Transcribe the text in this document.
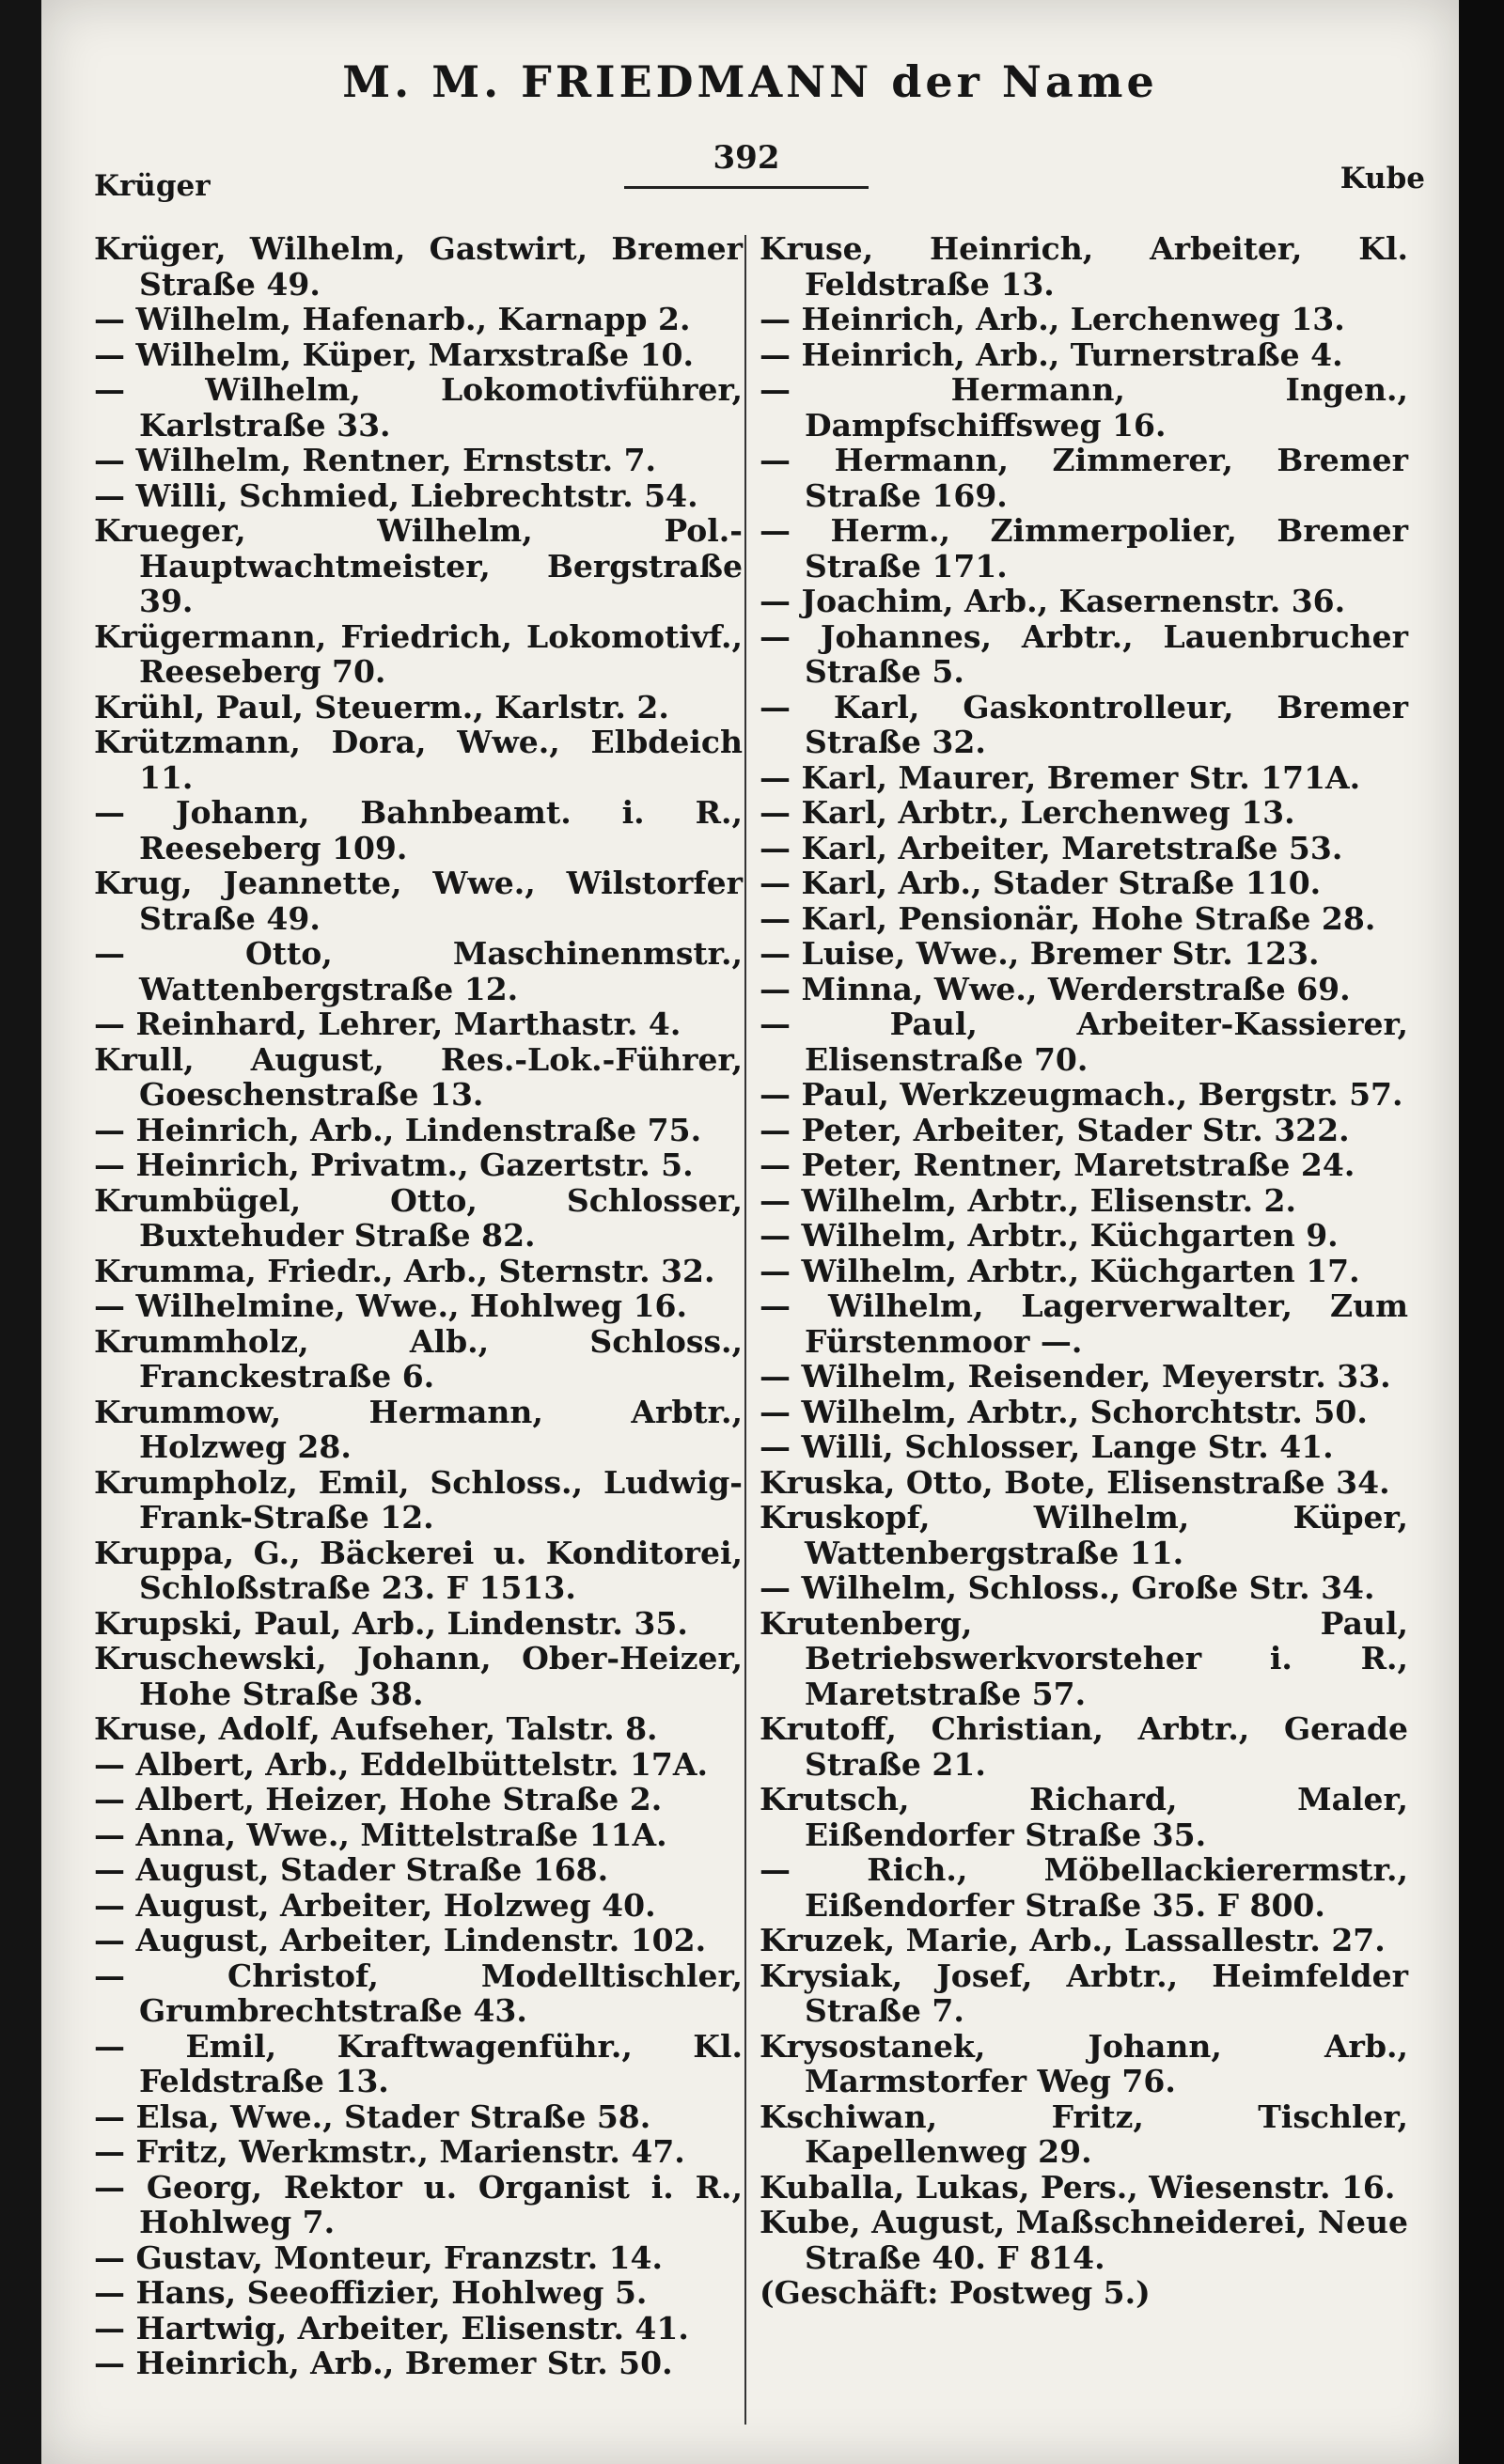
M. M. FRIEDMANN der Name
Krüger
392
Kube

Krüger, Wilhelm, Gastwirt, Bremer Straße 49.

— Wilhelm, Hafenarb., Karnapp 2.

— Wilhelm, Küper, Marxstraße 10.

— Wilhelm, Lokomotivführer, Karlstraße 33.

— Wilhelm, Rentner, Ernststr. 7.

— Willi, Schmied, Liebrechtstr. 54.

Krueger, Wilhelm, Pol.-Hauptwachtmeister, Bergstraße 39.

Krügermann, Friedrich, Lokomotivf., Reeseberg 70.

Krühl, Paul, Steuerm., Karlstr. 2.

Krützmann, Dora, Wwe., Elbdeich 11.

— Johann, Bahnbeamt. i. R., Reeseberg 109.

Krug, Jeannette, Wwe., Wilstorfer Straße 49.

— Otto, Maschinenmstr., Wattenbergstraße 12.

— Reinhard, Lehrer, Marthastr. 4.

Krull, August, Res.-Lok.-Führer, Goeschenstraße 13.

— Heinrich, Arb., Lindenstraße 75.

— Heinrich, Privatm., Gazertstr. 5.

Krumbügel, Otto, Schlosser, Buxtehuder Straße 82.

Krumma, Friedr., Arb., Sternstr. 32.

— Wilhelmine, Wwe., Hohlweg 16.

Krummholz, Alb., Schloss., Franckestraße 6.

Krummow, Hermann, Arbtr., Holzweg 28.

Krumpholz, Emil, Schloss., Ludwig-Frank-Straße 12.

Kruppa, G., Bäckerei u. Konditorei, Schloßstraße 23. F 1513.

Krupski, Paul, Arb., Lindenstr. 35.

Kruschewski, Johann, Ober-Heizer, Hohe Straße 38.

Kruse, Adolf, Aufseher, Talstr. 8.

— Albert, Arb., Eddelbüttelstr. 17A.

— Albert, Heizer, Hohe Straße 2.

— Anna, Wwe., Mittelstraße 11A.

— August, Stader Straße 168.

— August, Arbeiter, Holzweg 40.

— August, Arbeiter, Lindenstr. 102.

— Christof, Modelltischler, Grumbrechtstraße 43.

— Emil, Kraftwagenführ., Kl. Feldstraße 13.

— Elsa, Wwe., Stader Straße 58.

— Fritz, Werkmstr., Marienstr. 47.

— Georg, Rektor u. Organist i. R., Hohlweg 7.

— Gustav, Monteur, Franzstr. 14.

— Hans, Seeoffizier, Hohlweg 5.

— Hartwig, Arbeiter, Elisenstr. 41.

— Heinrich, Arb., Bremer Str. 50.

Kruse, Heinrich, Arbeiter, Kl. Feldstraße 13.

— Heinrich, Arb., Lerchenweg 13.

— Heinrich, Arb., Turnerstraße 4.

— Hermann, Ingen., Dampfschiffsweg 16.

— Hermann, Zimmerer, Bremer Straße 169.

— Herm., Zimmerpolier, Bremer Straße 171.

— Joachim, Arb., Kasernenstr. 36.

— Johannes, Arbtr., Lauenbrucher Straße 5.

— Karl, Gaskontrolleur, Bremer Straße 32.

— Karl, Maurer, Bremer Str. 171A.

— Karl, Arbtr., Lerchenweg 13.

— Karl, Arbeiter, Maretstraße 53.

— Karl, Arb., Stader Straße 110.

— Karl, Pensionär, Hohe Straße 28.

— Luise, Wwe., Bremer Str. 123.

— Minna, Wwe., Werderstraße 69.

— Paul, Arbeiter-Kassierer, Elisenstraße 70.

— Paul, Werkzeugmach., Bergstr. 57.

— Peter, Arbeiter, Stader Str. 322.

— Peter, Rentner, Maretstraße 24.

— Wilhelm, Arbtr., Elisenstr. 2.

— Wilhelm, Arbtr., Küchgarten 9.

— Wilhelm, Arbtr., Küchgarten 17.

— Wilhelm, Lagerverwalter, Zum Fürstenmoor —.

— Wilhelm, Reisender, Meyerstr. 33.

— Wilhelm, Arbtr., Schorchtstr. 50.

— Willi, Schlosser, Lange Str. 41.

Kruska, Otto, Bote, Elisenstraße 34.

Kruskopf, Wilhelm, Küper, Wattenbergstraße 11.

— Wilhelm, Schloss., Große Str. 34.

Krutenberg, Paul, Betriebswerkvorsteher i. R., Maretstraße 57.

Krutoff, Christian, Arbtr., Gerade Straße 21.

Krutsch, Richard, Maler, Eißendorfer Straße 35.

— Rich., Möbellackierermstr., Eißendorfer Straße 35. F 800.

Kruzek, Marie, Arb., Lassallestr. 27.

Krysiak, Josef, Arbtr., Heimfelder Straße 7.

Krysostanek, Johann, Arb., Marmstorfer Weg 76.

Kschiwan, Fritz, Tischler, Kapellenweg 29.

Kuballa, Lukas, Pers., Wiesenstr. 16.

Kube, August, Maßschneiderei, Neue Straße 40. F 814.

(Geschäft: Postweg 5.)
